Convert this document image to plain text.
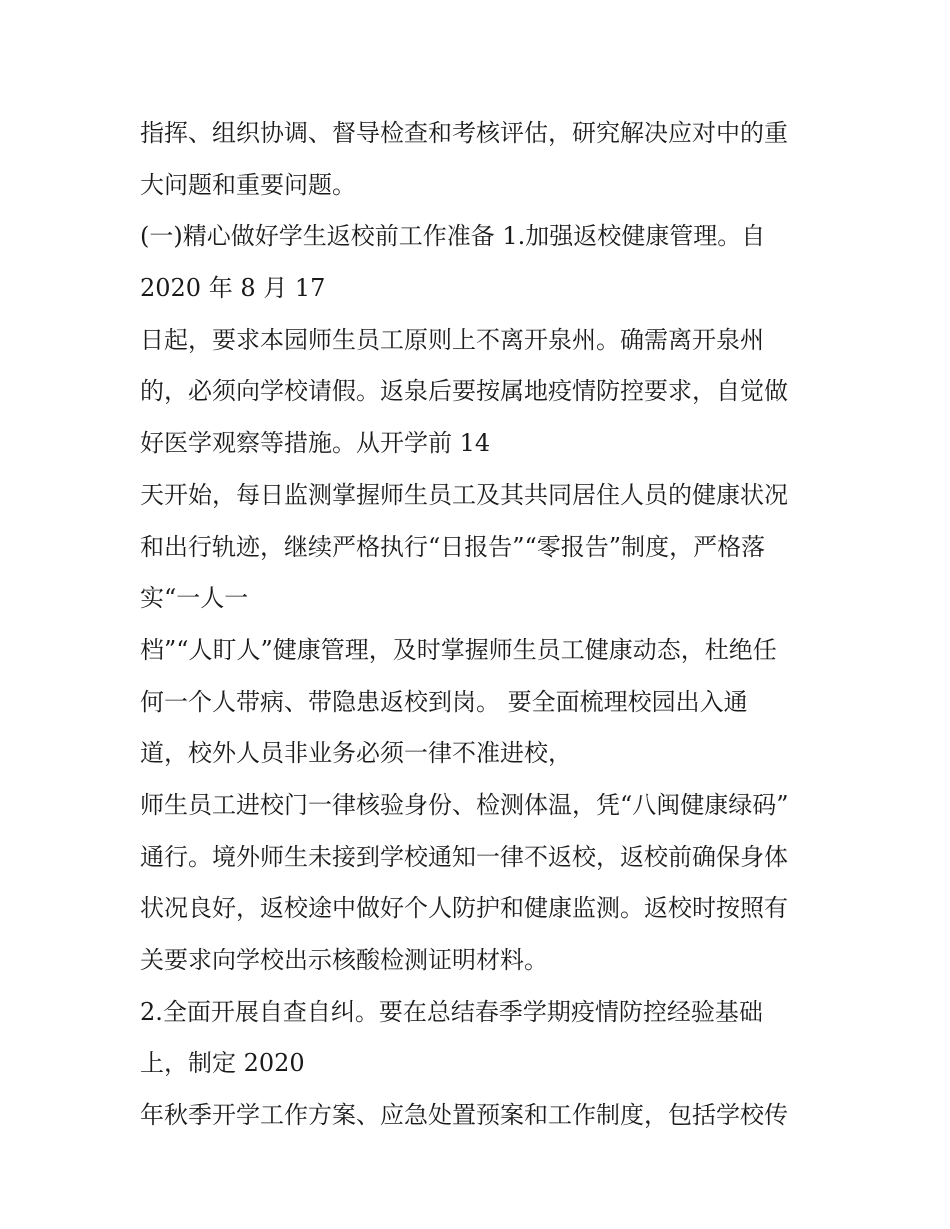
指挥、组织协调、督导检查和考核评估，研究解决应对中的重
大问题和重要问题。
(一)精心做好学生返校前工作准备 1.加强返校健康管理。自
2020 年 8 月 17
日起，要求本园师生员工原则上不离开泉州。确需离开泉州
的，必须向学校请假。返泉后要按属地疫情防控要求，自觉做
好医学观察等措施。从开学前 14
天开始，每日监测掌握师生员工及其共同居住人员的健康状况
和出行轨迹，继续严格执行“日报告”“零报告”制度，严格落
实“一人一
档”“人盯人”健康管理，及时掌握师生员工健康动态，杜绝任
何一个人带病、带隐患返校到岗。 要全面梳理校园出入通
道，校外人员非业务必须一律不准进校，
师生员工进校门一律核验身份、检测体温，凭“八闽健康绿码”
通行。境外师生未接到学校通知一律不返校，返校前确保身体
状况良好，返校途中做好个人防护和健康监测。返校时按照有
关要求向学校出示核酸检测证明材料。
2.全面开展自查自纠。要在总结春季学期疫情防控经验基础
上，制定 2020
年秋季开学工作方案、应急处置预案和工作制度，包括学校传
